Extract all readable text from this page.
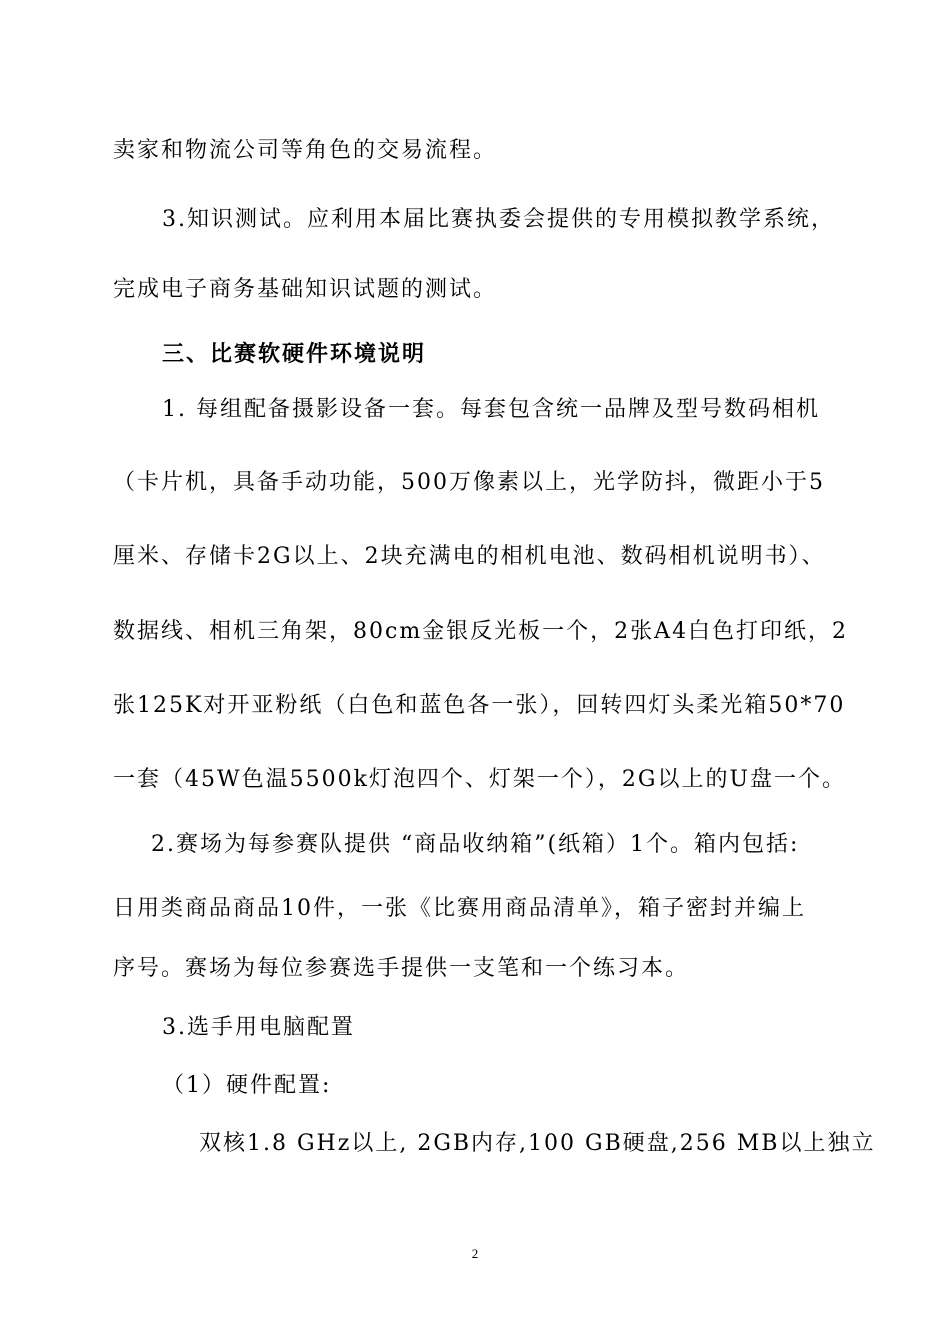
卖家和物流公司等角色的交易流程。
3.知识测试。应利用本届比赛执委会提供的专用模拟教学系统，
完成电子商务基础知识试题的测试。
三、比赛软硬件环境说明
1. 每组配备摄影设备一套。每套包含统一品牌及型号数码相机
（卡片机，具备手动功能，500万像素以上，光学防抖，微距小于5
厘米、存储卡2G以上、2块充满电的相机电池、数码相机说明书）、
数据线、相机三角架，80cm金银反光板一个，2张A4白色打印纸，2
张125K对开亚粉纸（白色和蓝色各一张），回转四灯头柔光箱50*70
一套（45W色温5500k灯泡四个、灯架一个），2G以上的U盘一个。
2.赛场为每参赛队提供 “商品收纳箱”(纸箱）1个。箱内包括:
日用类商品商品10件，一张《比赛用商品清单》，箱子密封并编上
序号。赛场为每位参赛选手提供一支笔和一个练习本。
3.选手用电脑配置
（1）硬件配置:
双核1.8 GHz以上, 2GB内存,100 GB硬盘,256 MB以上独立
2
